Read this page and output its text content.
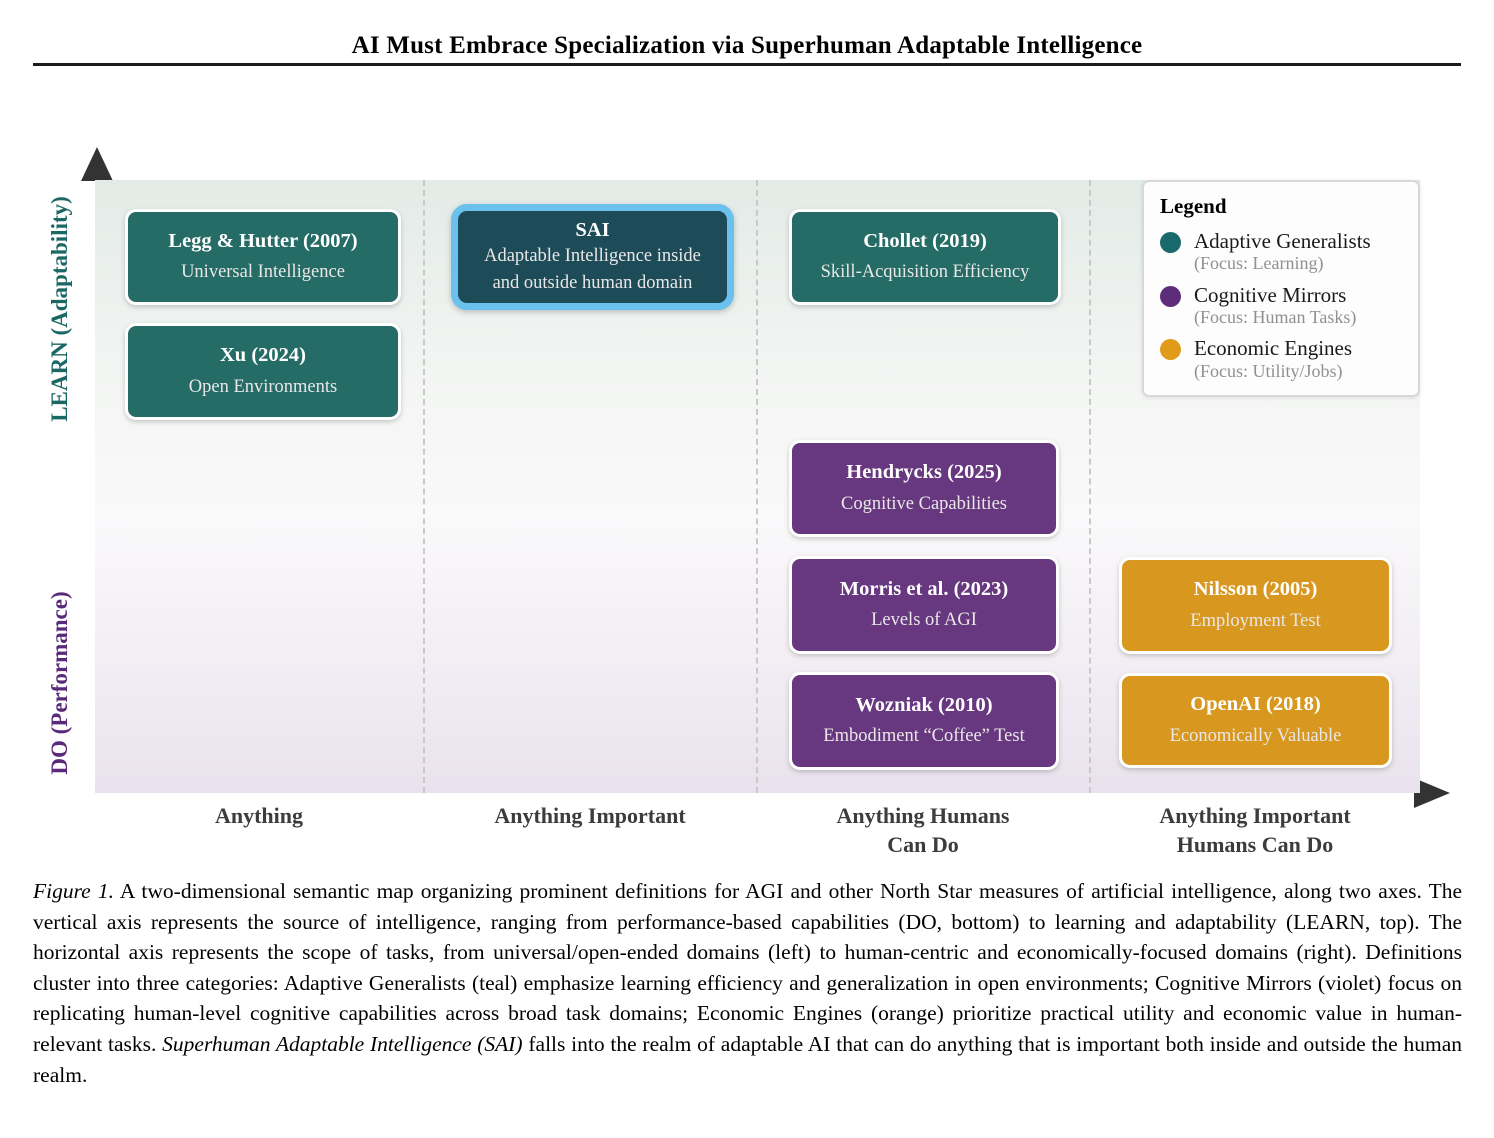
AI Must Embrace Specialization via Superhuman Adaptable Intelligence
LEARN (Adaptability)
DO (Performance)
Legg & Hutter (2007)
Universal Intelligence
Xu (2024)
Open Environments
SAI
Adaptable Intelligence inside
and outside human domain
Chollet (2019)
Skill-Acquisition Efficiency
Hendrycks (2025)
Cognitive Capabilities
Morris et al. (2023)
Levels of AGI
Wozniak (2010)
Embodiment “Coffee” Test
Nilsson (2005)
Employment Test
OpenAI (2018)
Economically Valuable
Legend
Adaptive Generalists
(Focus: Learning)
Cognitive Mirrors
(Focus: Human Tasks)
Economic Engines
(Focus: Utility/Jobs)
Anything	Anything Important	Anything Humans
Can Do
Anything Important
Humans Can Do
Figure 1. A two-dimensional semantic map organizing prominent definitions for AGI and other North Star measures of artificial intelligence, along two axes. The vertical axis represents the source of intelligence, ranging from performance-based capabilities (DO, bottom) to learning and adaptability (LEARN, top). The horizontal axis represents the scope of tasks, from universal/open-ended domains (left) to human-centric and economically-focused domains (right). Definitions cluster into three categories: Adaptive Generalists (teal) emphasize learning efficiency and generalization in open environments; Cognitive Mirrors (violet) focus on replicating human-level cognitive capabilities across broad task domains; Economic Engines (orange) prioritize practical utility and economic value in human-relevant tasks. Superhuman Adaptable Intelligence (SAI) falls into the realm of adaptable AI that can do anything that is important both inside and outside the human realm.
